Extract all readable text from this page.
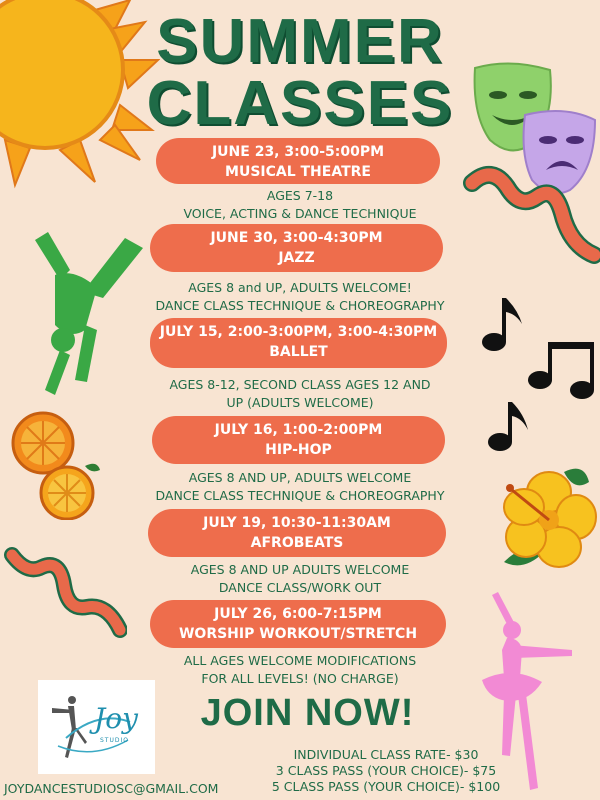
SUMMER
CLASSES
JUNE 23, 3:00-5:00PM
MUSICAL THEATRE
AGES 7-18
VOICE, ACTING & DANCE TECHNIQUE
JUNE 30, 3:00-4:30PM
JAZZ
AGES 8 and UP, ADULTS WELCOME!
DANCE CLASS TECHNIQUE & CHOREOGRAPHY
JULY 15, 2:00-3:00PM, 3:00-4:30PM
BALLET
AGES 8-12, SECOND CLASS AGES 12 AND
UP (ADULTS WELCOME)
JULY 16, 1:00-2:00PM
HIP-HOP
AGES 8 AND UP, ADULTS WELCOME
DANCE CLASS TECHNIQUE & CHOREOGRAPHY
JULY 19, 10:30-11:30AM
AFROBEATS
AGES 8 AND UP ADULTS WELCOME
DANCE CLASS/WORK OUT
JULY 26, 6:00-7:15PM
WORSHIP WORKOUT/STRETCH
ALL AGES WELCOME MODIFICATIONS
FOR ALL LEVELS! (NO CHARGE)
Joy
STUDIO
JOIN NOW!
INDIVIDUAL CLASS RATE- $30
3 CLASS PASS (YOUR CHOICE)- $75
5 CLASS PASS (YOUR CHOICE)- $100
JOYDANCESTUDIOSC@GMAIL.COM
